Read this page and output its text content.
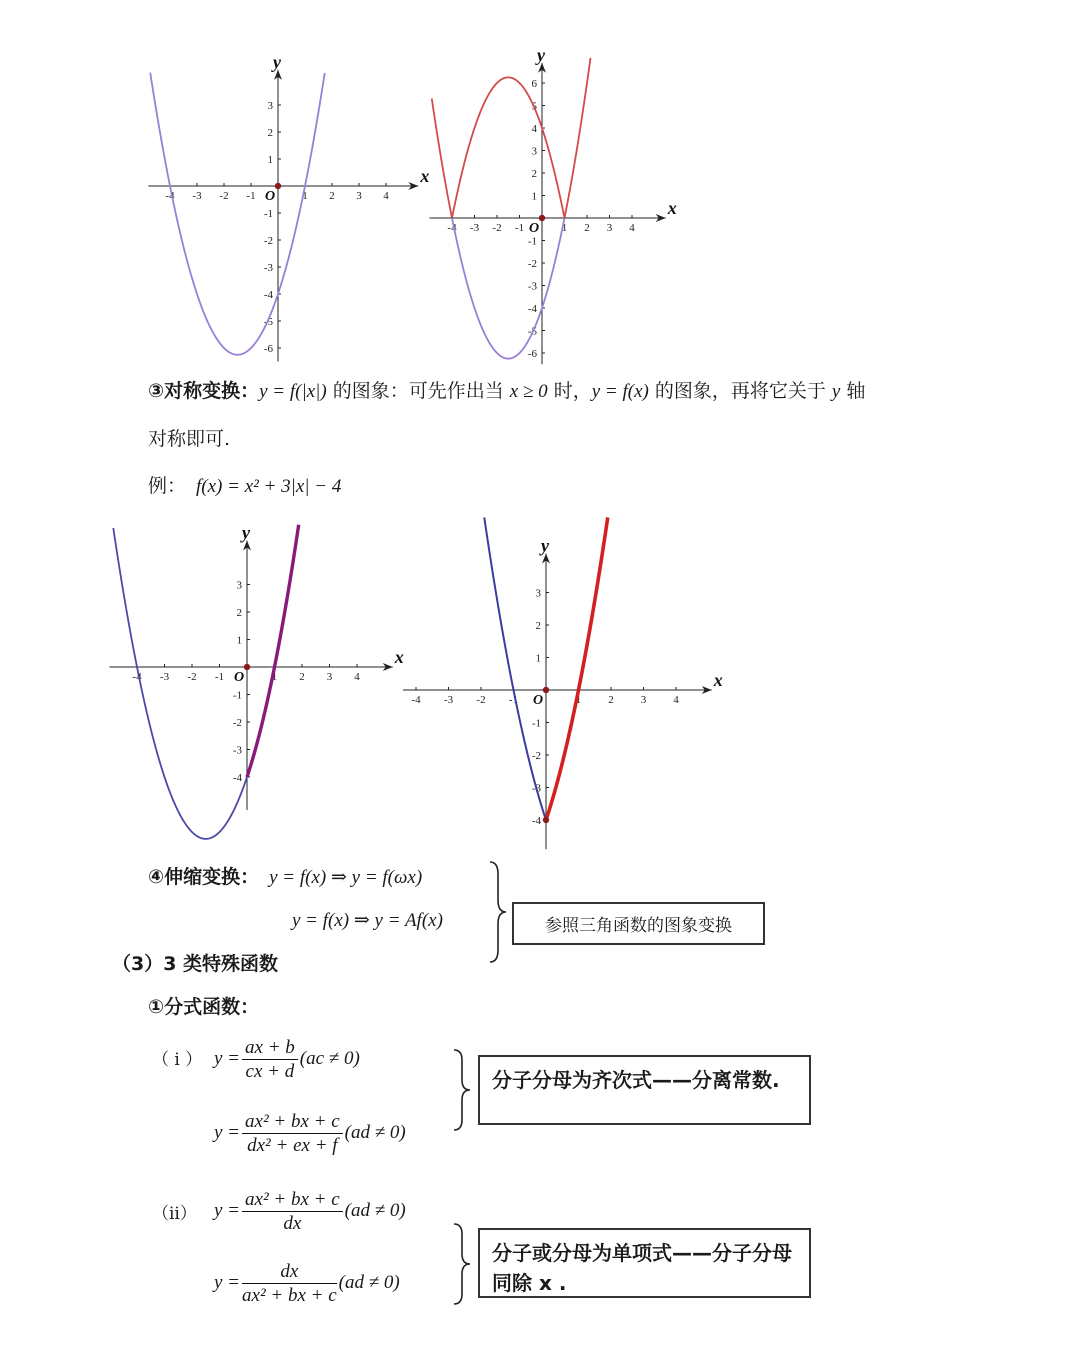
x
y
O
-4 -3 -2 -1	1 2 3 4
3
2
1
-1
-2
-3
-4
-5
-6
x
y
O
-4 -3 -2 -1	1 2 3 4
6
5
4
3
2
1
-1
-2
-3
-4
-5
-6
③对称变换：y = f(|x|) 的图象：可先作出当 x ≥ 0 时，y = f(x) 的图象，再将它关于 y 轴
对称即可.
例： f(x) = x² + 3|x| − 4
x
y
O
-4 -3 -2 -1	1 2 3 4
3
2
1
-1
-2
-3
-4
x
y
O
-4 -3 -2 -1	1 2 3 4
3
2
1
-1
-2
-3
-4
④伸缩变换： y = f(x) ⇒ y = f(ωx)
y = f(x) ⇒ y = Af(x)	参照三角函数的图象变换
（3）3 类特殊函数
①分式函数：
（ i ） $y = \frac{ax + b}{cx + d} (ac \ne 0)$
$y = \frac{\text{ax² + bx + c}}{\text{dx² + ex + f}} (ad \ne 0)$
分子分母为齐次式——分离常数.
（ii） $y = \frac{\text{ax² + bx + c}}{dx} (ad \ne 0)$
$y = \frac{dx}{\text{ax² + bx + c}} (ad \ne 0)$
分子或分母为单项式——分子分母同除 x .
